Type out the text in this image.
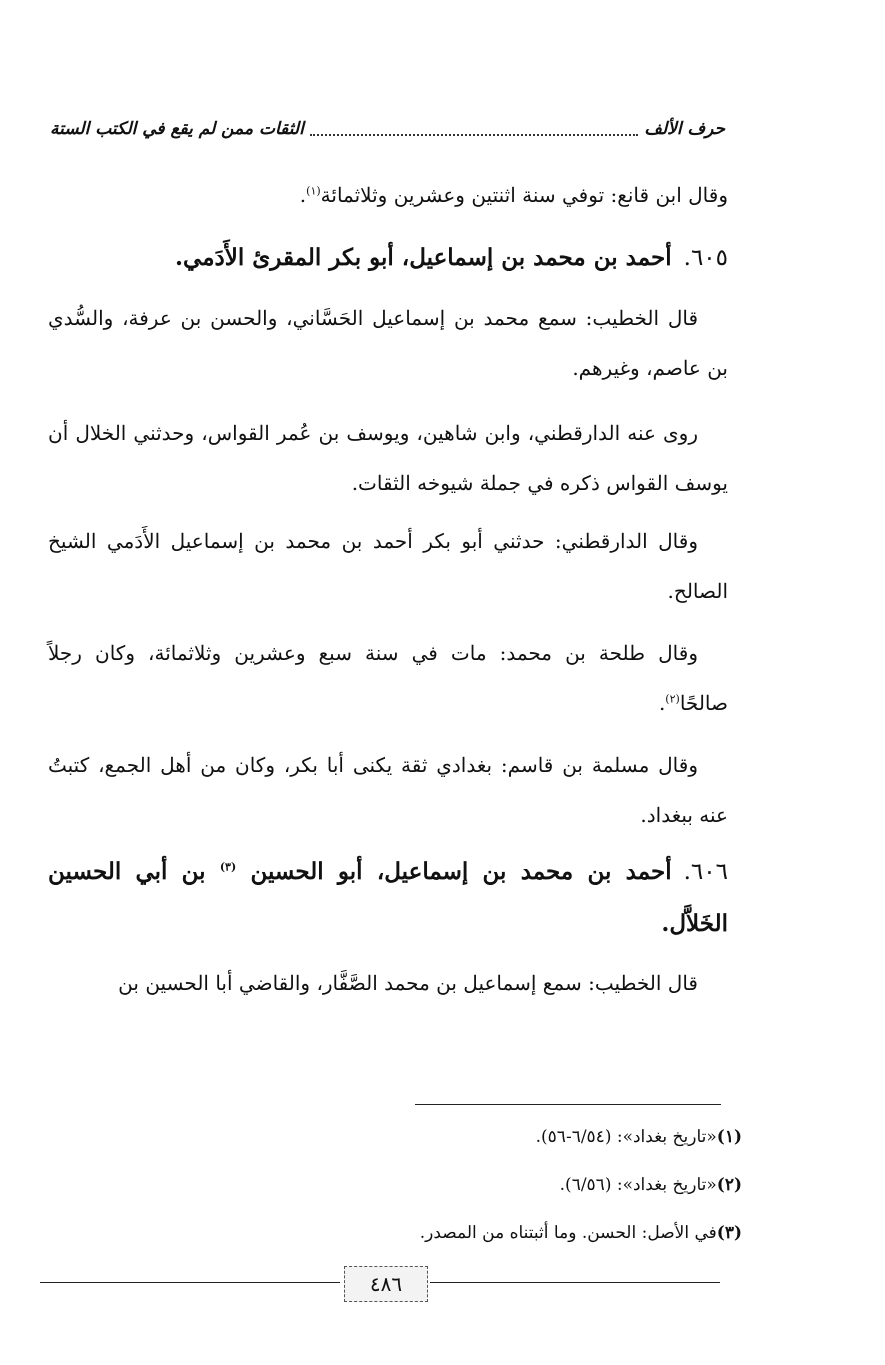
حرف الألف
الثقات ممن لم يقع في الكتب الستة
وقال ابن قانع: توفي سنة اثنتين وعشرين وثلاثمائة$^{(١)}$.
٦٠٥.أحمد بن محمد بن إسماعيل، أبو بكر المقرئ الأَدَمي.
قال الخطيب: سمع محمد بن إسماعيل الحَسَّاني، والحسن بن عرفة، والسُّدي بن عاصم، وغيرهم.
روى عنه الدارقطني، وابن شاهين، ويوسف بن عُمر القواس، وحدثني الخلال أن يوسف القواس ذكره في جملة شيوخه الثقات.
وقال الدارقطني: حدثني أبو بكر أحمد بن محمد بن إسماعيل الأَدَمي الشيخ الصالح.
وقال طلحة بن محمد: مات في سنة سبع وعشرين وثلاثمائة، وكان رجلاً صالحًا$^{(٢)}$.
وقال مسلمة بن قاسم: بغدادي ثقة يكنى أبا بكر، وكان من أهل الجمع، كتبتُ عنه ببغداد.
٦٠٦.أحمد بن محمد بن إسماعيل، أبو الحسين $^{(٣)}$ بن أبي الحسين الخَلاَّل.
قال الخطيب: سمع إسماعيل بن محمد الصَّفَّار، والقاضي أبا الحسين بن
(١)«تاريخ بغداد»: (٦/٥٤-٥٦).
(٢)«تاريخ بغداد»: (٦/٥٦).
(٣)في الأصل: الحسن. وما أثبتناه من المصدر.
٤٨٦
